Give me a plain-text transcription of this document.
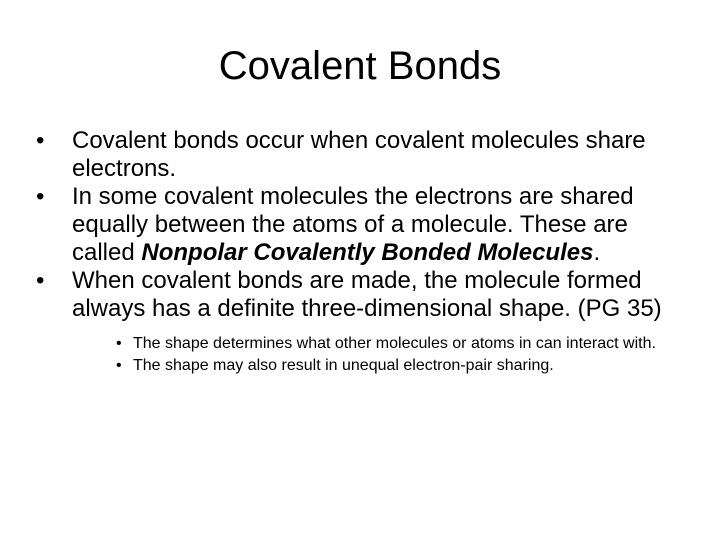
Covalent Bonds
•	Covalent bonds occur when covalent molecules share electrons.
•	In some covalent molecules the electrons are shared equally between the atoms of a molecule. These are called Nonpolar Covalently Bonded Molecules.
•	When covalent bonds are made, the molecule formed always has a definite three-dimensional shape. (PG 35)
• The shape determines what other molecules or atoms in can interact with.
• The shape may also result in unequal electron-pair sharing.
